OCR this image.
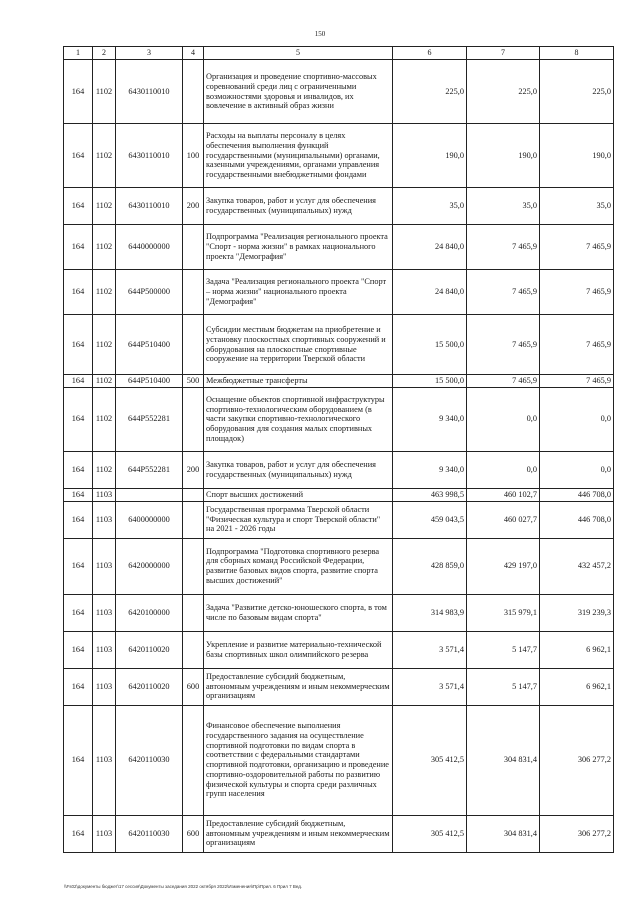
150
1	2	3	4	5	6	7	8
164	1102	6430110010		Организация и проведение спортивно-массовых соревнований среди лиц с ограниченными возможностями здоровья и инвалидов, их вовлечение в активный образ жизни	225,0	225,0	225,0
164	1102	6430110010	100	Расходы на выплаты персоналу в целях обеспечения выполнения функций государственными (муниципальными) органами, казенными учреждениями, органами управления государственными внебюджетными фондами	190,0	190,0	190,0
164	1102	6430110010	200	Закупка товаров, работ и услуг для обеспечения государственных (муниципальных) нужд	35,0	35,0	35,0
164	1102	6440000000		Подпрограмма "Реализация регионального проекта "Спорт - норма жизни" в рамках национального проекта "Демография"	24 840,0	7 465,9	7 465,9
164	1102	644P500000		Задача "Реализация регионального проекта "Спорт – норма жизни" национального проекта "Демография"	24 840,0	7 465,9	7 465,9
164	1102	644P510400		Субсидии местным бюджетам на приобретение и установку плоскостных спортивных сооружений и оборудования на плоскостные спортивные сооружение на территории Тверской области	15 500,0	7 465,9	7 465,9
164	1102	644P510400	500	Межбюджетные трансферты	15 500,0	7 465,9	7 465,9
164	1102	644P552281		Оснащение объектов спортивной инфраструктуры спортивно-технологическим оборудованием (в части закупки спортивно-технологического оборудования для создания малых спортивных площадок)	9 340,0	0,0	0,0
164	1102	644P552281	200	Закупка товаров, работ и услуг для обеспечения государственных (муниципальных) нужд	9 340,0	0,0	0,0
164	1103			Спорт высших достижений	463 998,5	460 102,7	446 708,0
164	1103	6400000000		Государственная программа Тверской области "Физическая культура и спорт Тверской области" на 2021 - 2026 годы	459 043,5	460 027,7	446 708,0
164	1103	6420000000		Подпрограмма "Подготовка спортивного резерва для сборных команд Российской Федерации, развитие базовых видов спорта, развитие спорта высших достижений"	428 859,0	429 197,0	432 457,2
164	1103	6420100000		Задача "Развитие детско-юношеского спорта, в том числе по базовым видам спорта"	314 983,9	315 979,1	319 239,3
164	1103	6420110020		Укрепление и развитие материально-технической базы спортивных школ олимпийского резерва	3 571,4	5 147,7	6 962,1
164	1103	6420110020	600	Предоставление субсидий бюджетным, автономным учреждениям и иным некоммерческим организациям	3 571,4	5 147,7	6 962,1
164	1103	6420110030		Финансовое обеспечение выполнения государственного задания на осуществление спортивной подготовки по видам спорта в соответствии с федеральными стандартами спортивной подготовки, организацию и проведение спортивно-оздоровительной работы по развитию физической культуры и спорта среди различных групп населения	305 412,5	304 831,4	306 277,2
164	1103	6420110030	600	Предоставление субсидий бюджетным, автономным учреждениям и иным некоммерческим организациям	305 412,5	304 831,4	306 277,2
\\Fs02\документы бюджет\17 сессия\Документы заседания 2022 октября 2022\Изменения\Пр\Прил. 6 Прил 7 Вед.
